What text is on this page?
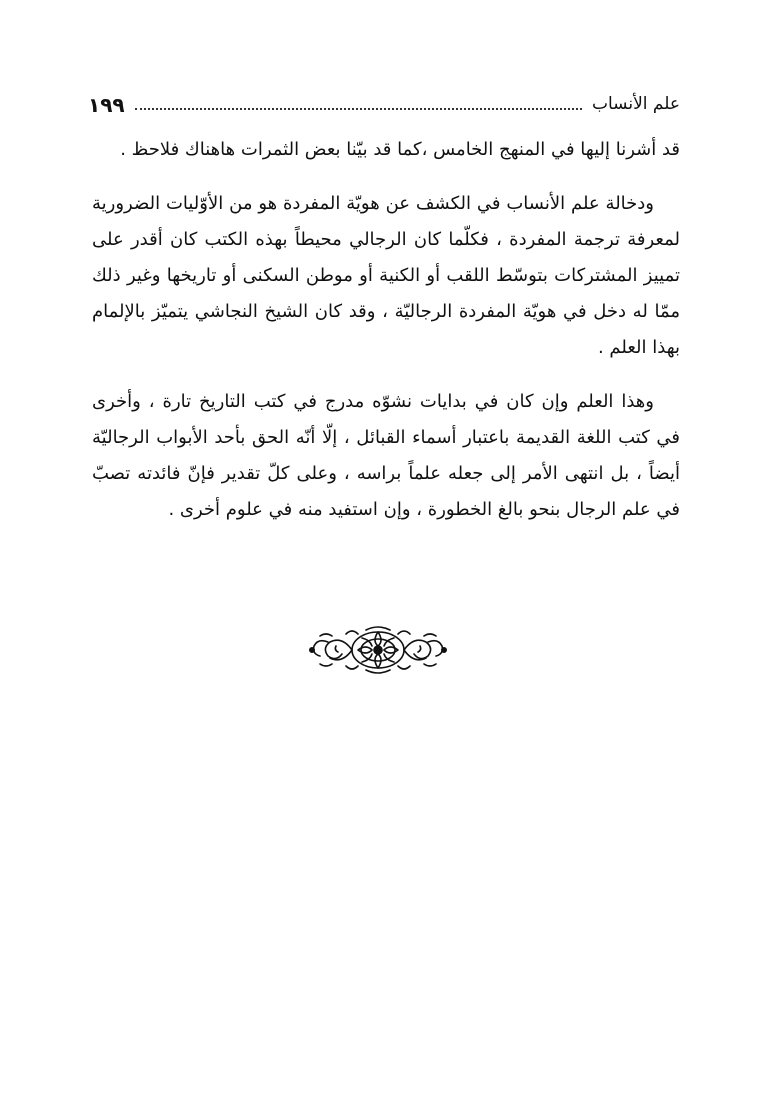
علم الأنساب
١٩٩

قد أشرنا إليها في المنهج الخامس ،كما قد بيّنا بعض الثمرات هاهناك فلاحظ .

ودخالة علم الأنساب في الكشف عن هويّة المفردة هو من الأوّليات الضرورية لمعرفة ترجمة المفردة ، فكلّما كان الرجالي محيطاً بهذه الكتب كان أقدر على تمييز المشتركات بتوسّط اللقب أو الكنية أو موطن السكنى أو تاريخها وغير ذلك ممّا له دخل في هويّة المفردة الرجاليّة ، وقد كان الشيخ النجاشي يتميّز بالإلمام بهذا العلم .

وهذا العلم وإن كان في بدايات نشوّه مدرج في كتب التاريخ تارة ، وأخرى في كتب اللغة القديمة باعتبار أسماء القبائل ، إلّا أنّه الحق بأحد الأبواب الرجاليّة أيضاً ، بل انتهى الأمر إلى جعله علماً براسه ، وعلى كلّ تقدير فإنّ فائدته تصبّ في علم الرجال بنحو بالغ الخطورة ، وإن استفيد منه في علوم أخرى .
